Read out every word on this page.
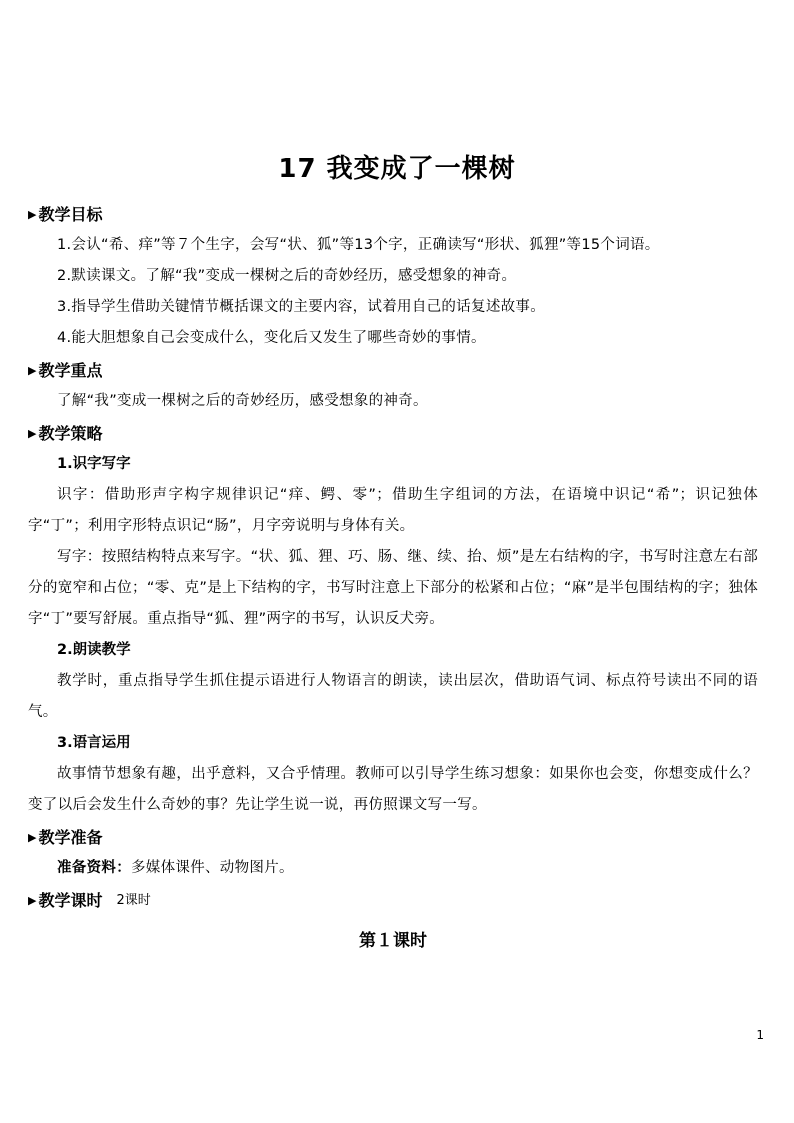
17 我变成了一棵树
▶ 教学目标

1.会认“希、痒”等７个生字，会写“状、狐”等13个字，正确读写“形状、狐狸”等15个词语。

2.默读课文。了解“我”变成一棵树之后的奇妙经历，感受想象的神奇。

3.指导学生借助关键情节概括课文的主要内容，试着用自己的话复述故事。

4.能大胆想象自己会变成什么，变化后又发生了哪些奇妙的事情。

▶ 教学重点

了解“我”变成一棵树之后的奇妙经历，感受想象的神奇。

▶ 教学策略

1.识字写字

识字：借助形声字构字规律识记“痒、鳄、零”；借助生字组词的方法，在语境中识记“希”；识记独体字“丁”；利用字形特点识记“肠”，月字旁说明与身体有关。

写字：按照结构特点来写字。“状、狐、狸、巧、肠、继、续、抬、烦”是左右结构的字，书写时注意左右部分的宽窄和占位；“零、克”是上下结构的字，书写时注意上下部分的松紧和占位；“麻”是半包围结构的字；独体字“丁”要写舒展。重点指导“狐、狸”两字的书写，认识反犬旁。

2.朗读教学

教学时，重点指导学生抓住提示语进行人物语言的朗读，读出层次，借助语气词、标点符号读出不同的语气。

3.语言运用

故事情节想象有趣，出乎意料，又合乎情理。教师可以引导学生练习想象：如果你也会变，你想变成什么？变了以后会发生什么奇妙的事？先让学生说一说，再仿照课文写一写。

▶ 教学准备

准备资料：多媒体课件、动物图片。

▶ 教学课时 2课时
第１课时
1
